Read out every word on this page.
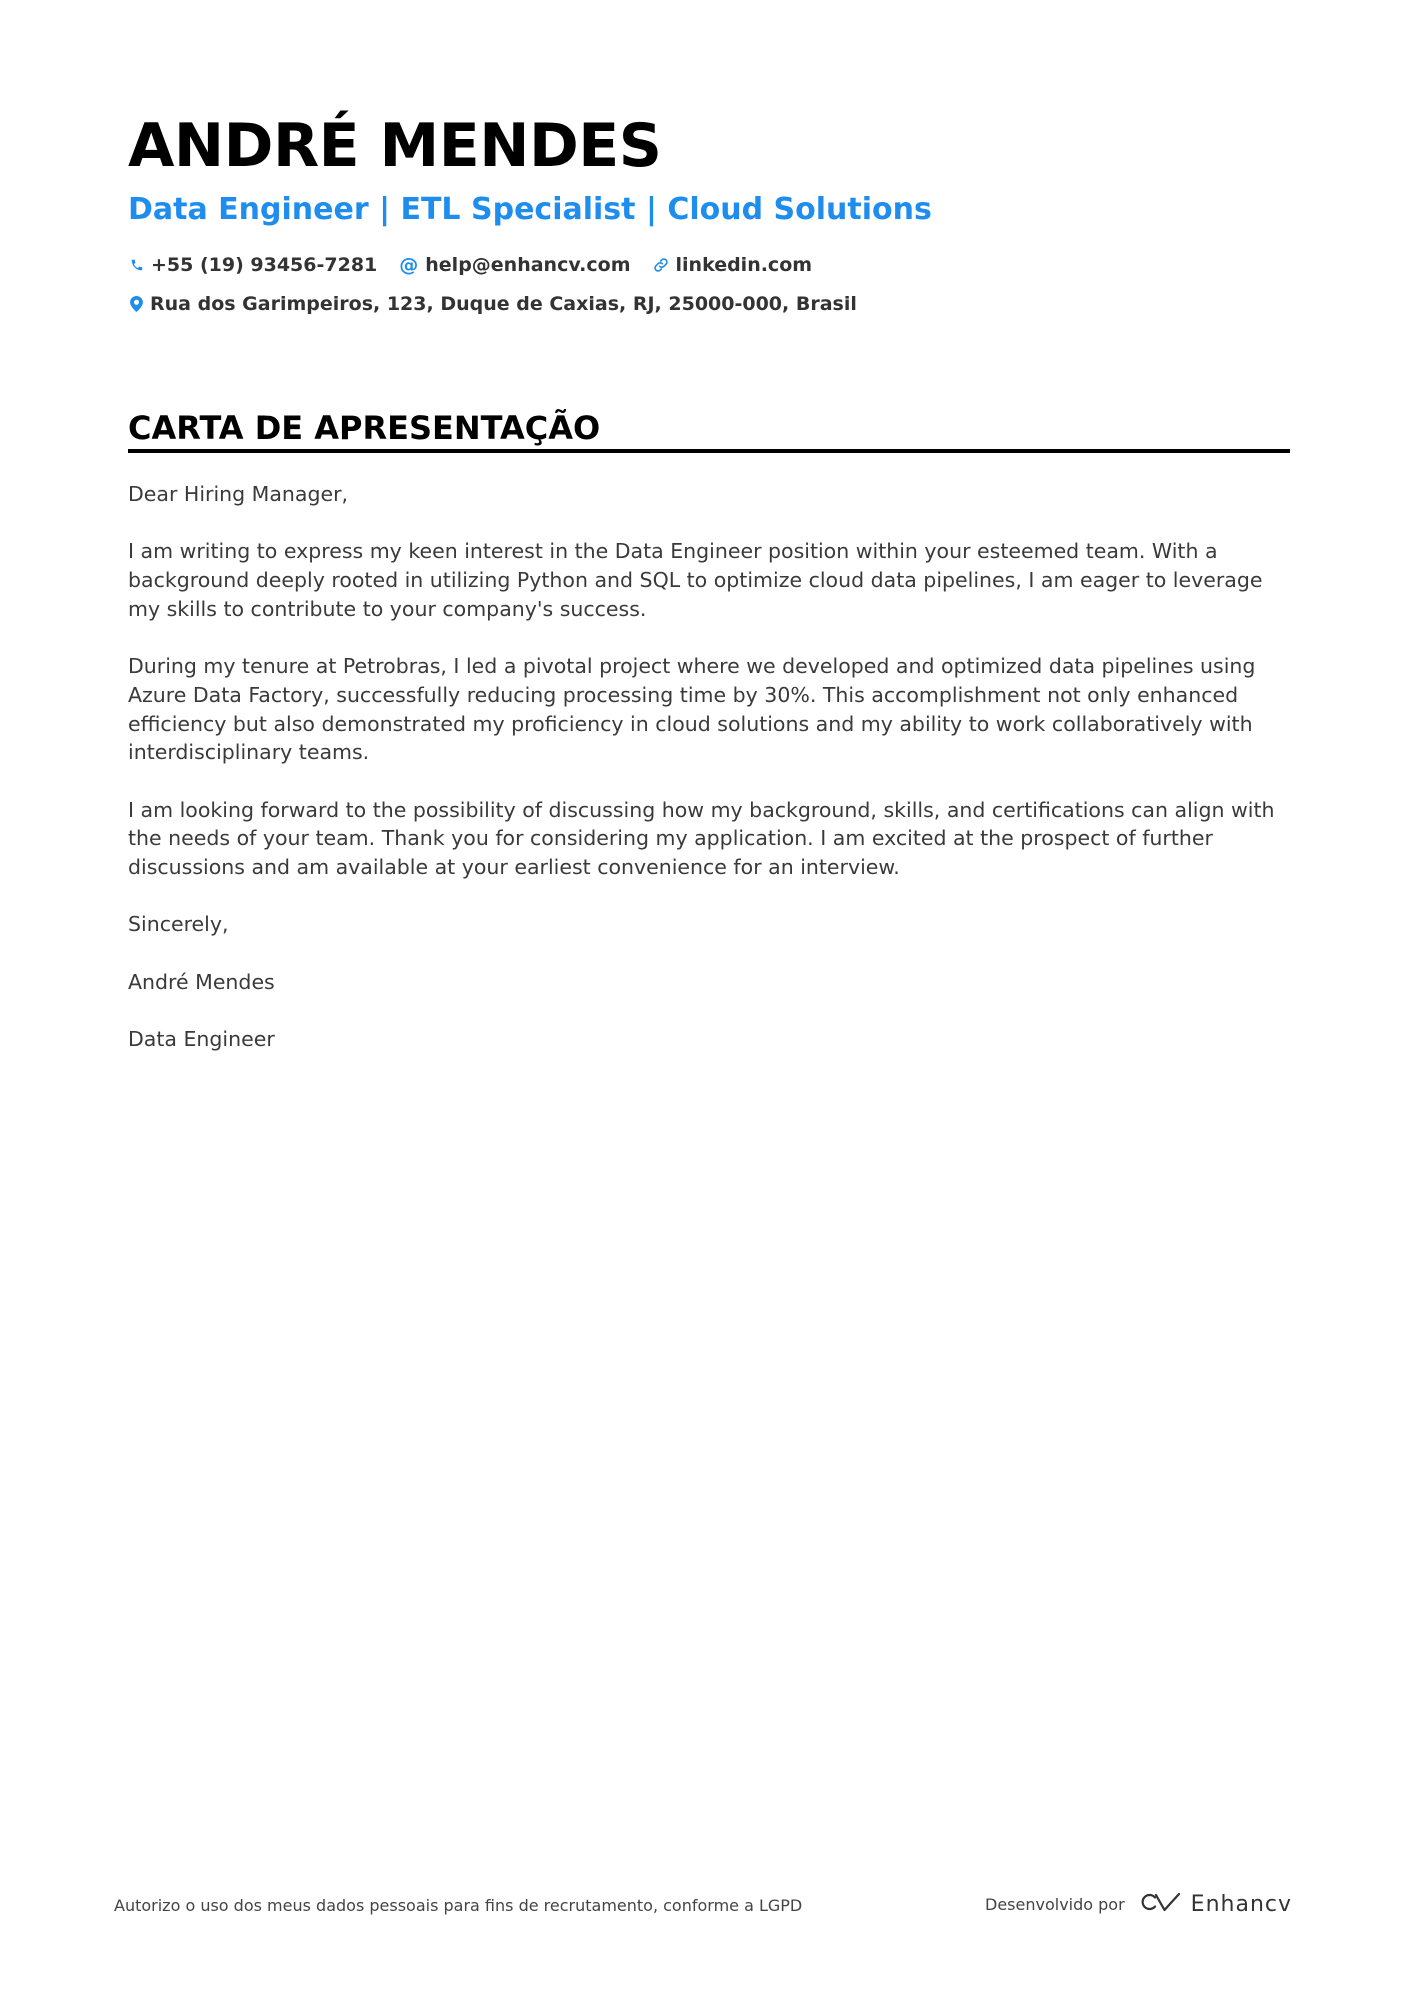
ANDRÉ MENDES
Data Engineer | ETL Specialist | Cloud Solutions
+55 (19) 93456-7281 @ help@enhancv.com linkedin.com
Rua dos Garimpeiros, 123, Duque de Caxias, RJ, 25000-000, Brasil
CARTA DE APRESENTAÇÃO

Dear Hiring Manager,

I am writing to express my keen interest in the Data Engineer position within your esteemed team. With a background deeply rooted in utilizing Python and SQL to optimize cloud data pipelines, I am eager to leverage my skills to contribute to your company's success.

During my tenure at Petrobras, I led a pivotal project where we developed and optimized data pipelines using Azure Data Factory, successfully reducing processing time by 30%. This accomplishment not only enhanced efficiency but also demonstrated my proficiency in cloud solutions and my ability to work collaboratively with interdisciplinary teams.

I am looking forward to the possibility of discussing how my background, skills, and certifications can align with the needs of your team. Thank you for considering my application. I am excited at the prospect of further discussions and am available at your earliest convenience for an interview.

Sincerely,

André Mendes

Data Engineer

Autorizo o uso dos meus dados pessoais para fins de recrutamento, conforme a LGPD	Desenvolvido por	Enhancv
